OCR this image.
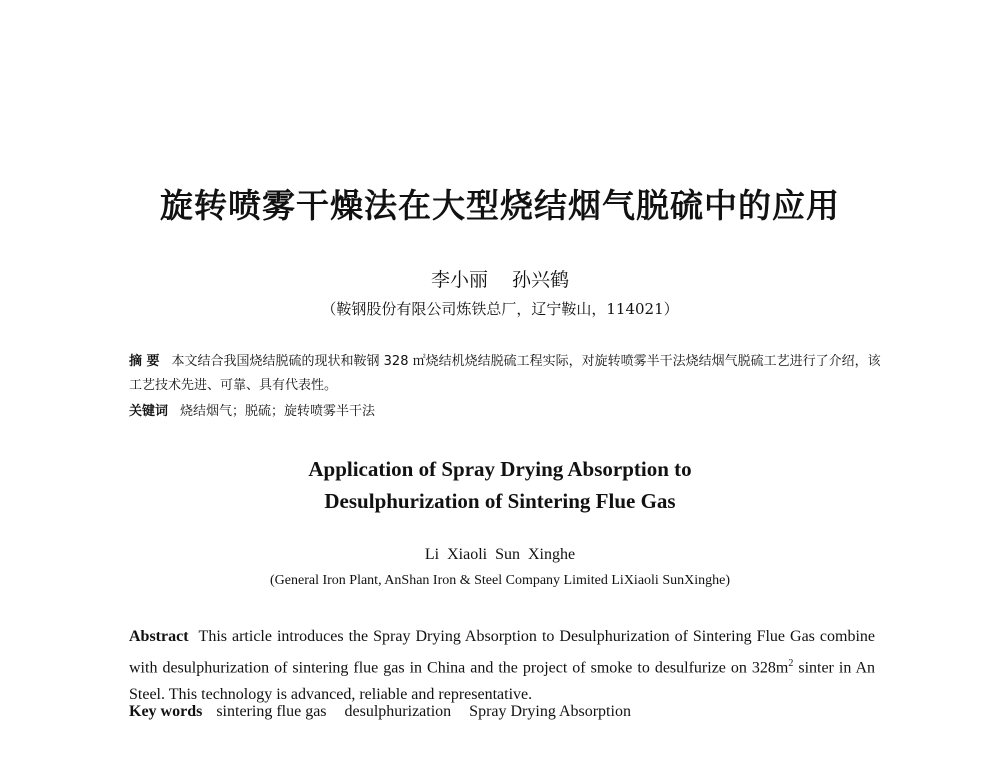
旋转喷雾干燥法在大型烧结烟气脱硫中的应用
李小丽 孙兴鹤
（鞍钢股份有限公司炼铁总厂，辽宁鞍山，114021）
摘 要 本文结合我国烧结脱硫的现状和鞍钢 328 ㎡烧结机烧结脱硫工程实际，对旋转喷雾半干法烧结烟气脱硫工艺进行了介绍，该工艺技术先进、可靠、具有代表性。
关键词 烧结烟气；脱硫；旋转喷雾半干法
Application of Spray Drying Absorption to
Desulphurization of Sintering Flue Gas
Li Xiaoli Sun Xinghe
(General Iron Plant, AnShan Iron & Steel Company Limited LiXiaoli SunXinghe)
Abstract This article introduces the Spray Drying Absorption to Desulphurization of Sintering Flue Gas combine with desulphurization of sintering flue gas in China and the project of smoke to desulfurize on $328m^2$ sinter in An Steel. This technology is advanced, reliable and representative.
Key words sintering flue gas desulphurization Spray Drying Absorption
